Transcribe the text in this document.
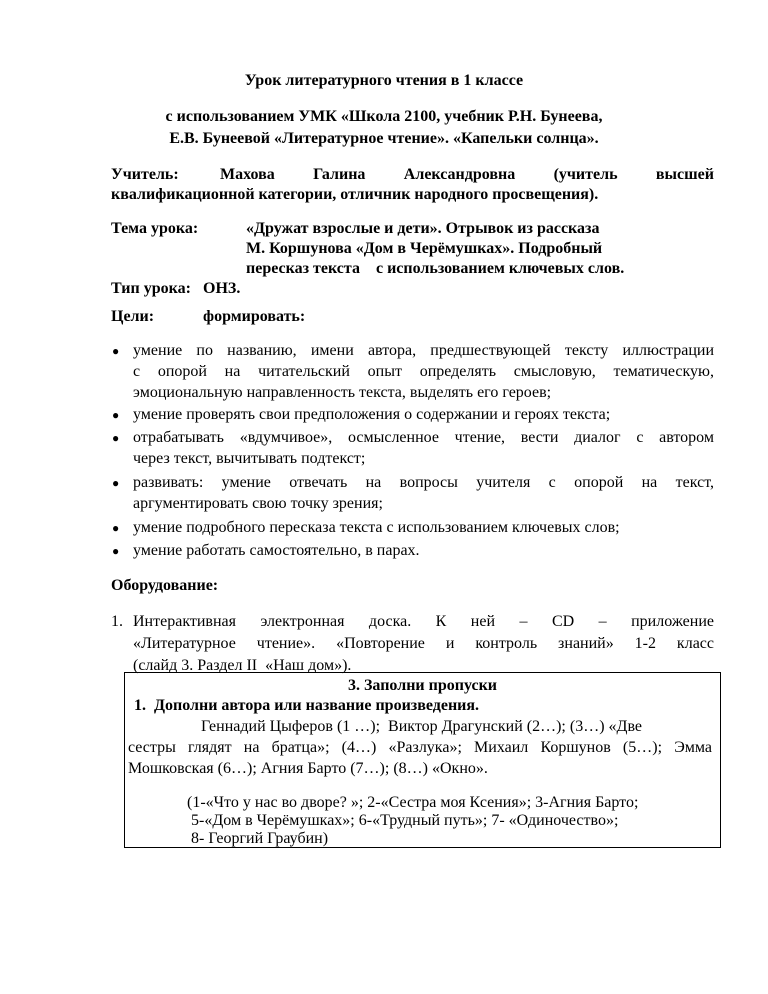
Урок литературного чтения в 1 классе
с использованием УМК «Школа 2100, учебник Р.Н. Бунеева,
Е.В. Бунеевой «Литературное чтение». «Капельки солнца».
Учитель:	Махова Галина Александровна (учитель высшей
квалификационной категории, отличник народного просвещения).
Тема урока:	«Дружат взрослые и дети». Отрывок из рассказа
М. Коршунова «Дом в Черёмушках». Подробный
пересказ текста    с использованием ключевых слов.
Тип урока: ОНЗ.
Цели:	формировать:
● умение по названию, имени автора, предшествующей тексту иллюстрации
с опорой на читательский опыт определять смысловую, тематическую,
эмоциональную направленность текста, выделять его героев;
● умение проверять свои предположения о содержании и героях текста;
● отрабатывать «вдумчивое», осмысленное чтение, вести диалог с автором
через текст, вычитывать подтекст;
● развивать: умение отвечать на вопросы учителя с опорой на текст,
аргументировать свою точку зрения;
● умение подробного пересказа текста с использованием ключевых слов;
● умение работать самостоятельно, в парах.
Оборудование:
1. Интерактивная электронная доска. К ней – CD – приложение
«Литературное чтение». «Повторение и контроль знаний» 1-2 класс
(слайд 3. Раздел II  «Наш дом»).
3. Заполни пропуски
1.  Дополни автора или название произведения.
Геннадий Цыферов (1 …);  Виктор Драгунский (2…); (3…) «Две
сестры глядят на братца»; (4…) «Разлука»; Михаил Коршунов (5…); Эмма
Мошковская (6…); Агния Барто (7…); (8…) «Окно».
(1-«Что у нас во дворе? »; 2-«Сестра моя Ксения»; 3-Агния Барто;
5-«Дом в Черёмушках»; 6-«Трудный путь»; 7- «Одиночество»;
8- Георгий Граубин)
